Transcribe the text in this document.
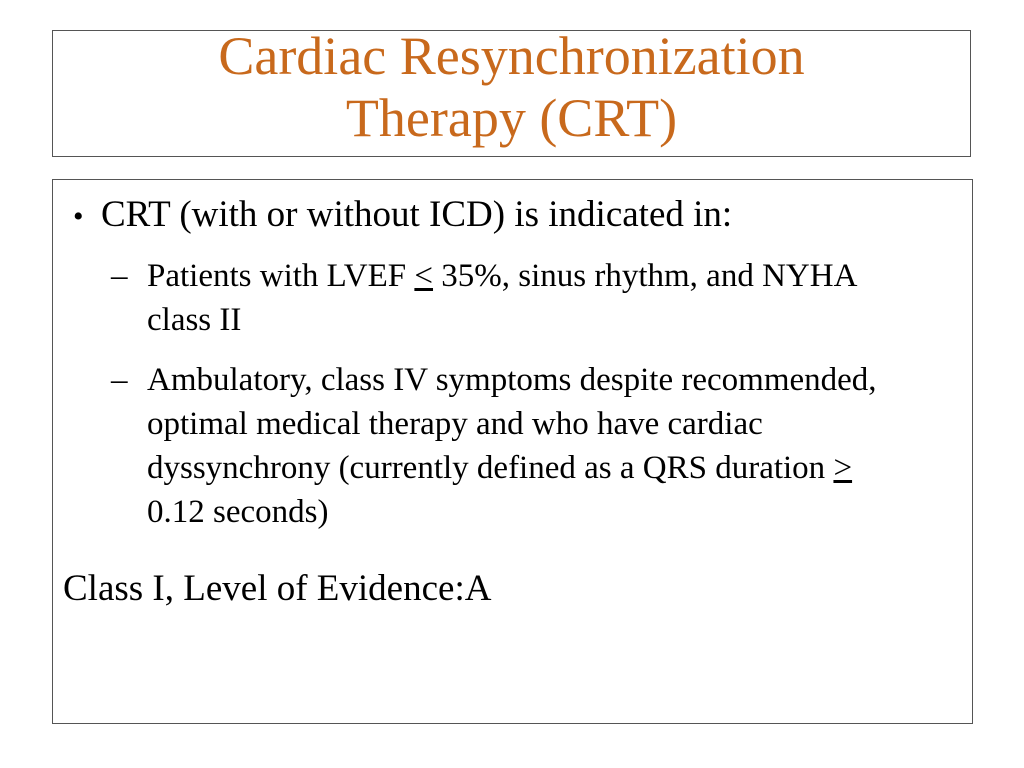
Cardiac Resynchronization
Therapy (CRT)
• CRT (with or without ICD) is indicated in:
– Patients with LVEF ≤ 35%, sinus rhythm, and NYHA class II
– Ambulatory, class IV symptoms despite recommended, optimal medical therapy and who have cardiac dyssynchrony (currently defined as a QRS duration > 0.12 seconds)
Class I, Level of Evidence:A
